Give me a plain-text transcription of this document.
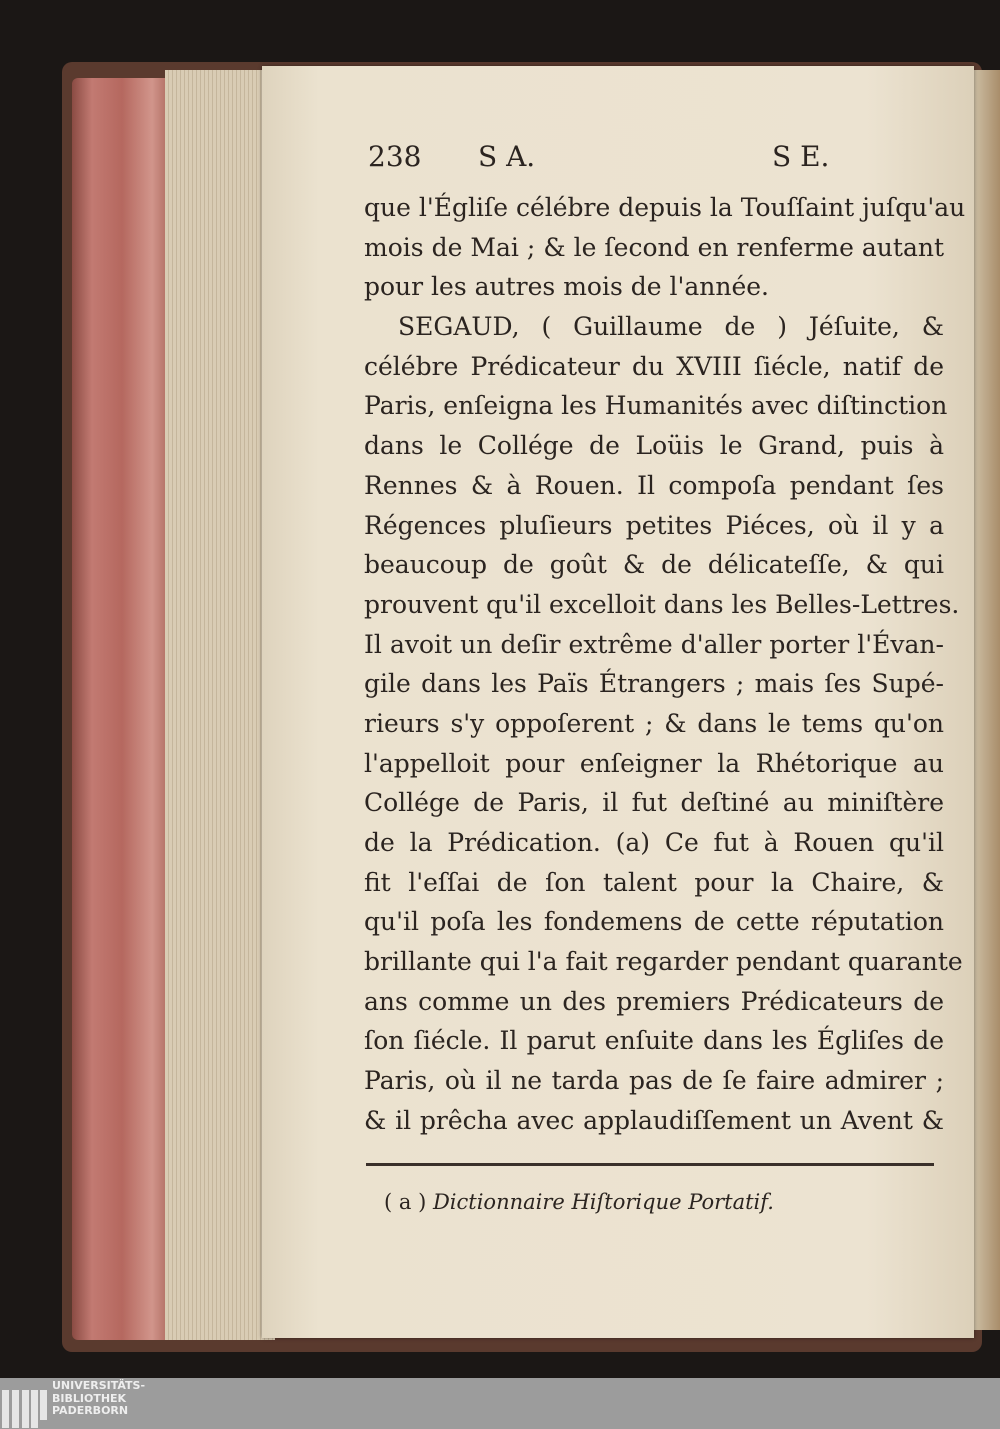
238 S A.	S E.
que l'Égliſe célébre depuis la Touſſaint juſqu'au
mois de Mai ; & le ſecond en renferme autant
pour les autres mois de l'année.
SEGAUD, ( Guillaume de ) Jéſuite, &
célébre Prédicateur du XVIII ſiécle, natif de
Paris, enſeigna les Humanités avec diſtinction
dans le Collége de Loüis le Grand, puis à
Rennes & à Rouen. Il compoſa pendant ſes
Régences pluſieurs petites Piéces, où il y a
beaucoup de goût & de délicateſſe, & qui
prouvent qu'il excelloit dans les Belles-Lettres.
Il avoit un deſir extrême d'aller porter l'Évan-
gile dans les Païs Étrangers ; mais ſes Supé-
rieurs s'y oppoſerent ; & dans le tems qu'on
l'appelloit pour enſeigner la Rhétorique au
Collége de Paris, il fut deſtiné au miniſtère
de la Prédication. (a) Ce fut à Rouen qu'il
fit l'eſſai de ſon talent pour la Chaire, &
qu'il poſa les fondemens de cette réputation
brillante qui l'a fait regarder pendant quarante
ans comme un des premiers Prédicateurs de
ſon ſiécle. Il parut enſuite dans les Égliſes de
Paris, où il ne tarda pas de ſe faire admirer ;
& il prêcha avec applaudiſſement un Avent &
( a ) Dictionnaire Hiſtorique Portatif.
UNIVERSITÄTS-
BIBLIOTHEK
PADERBORN
